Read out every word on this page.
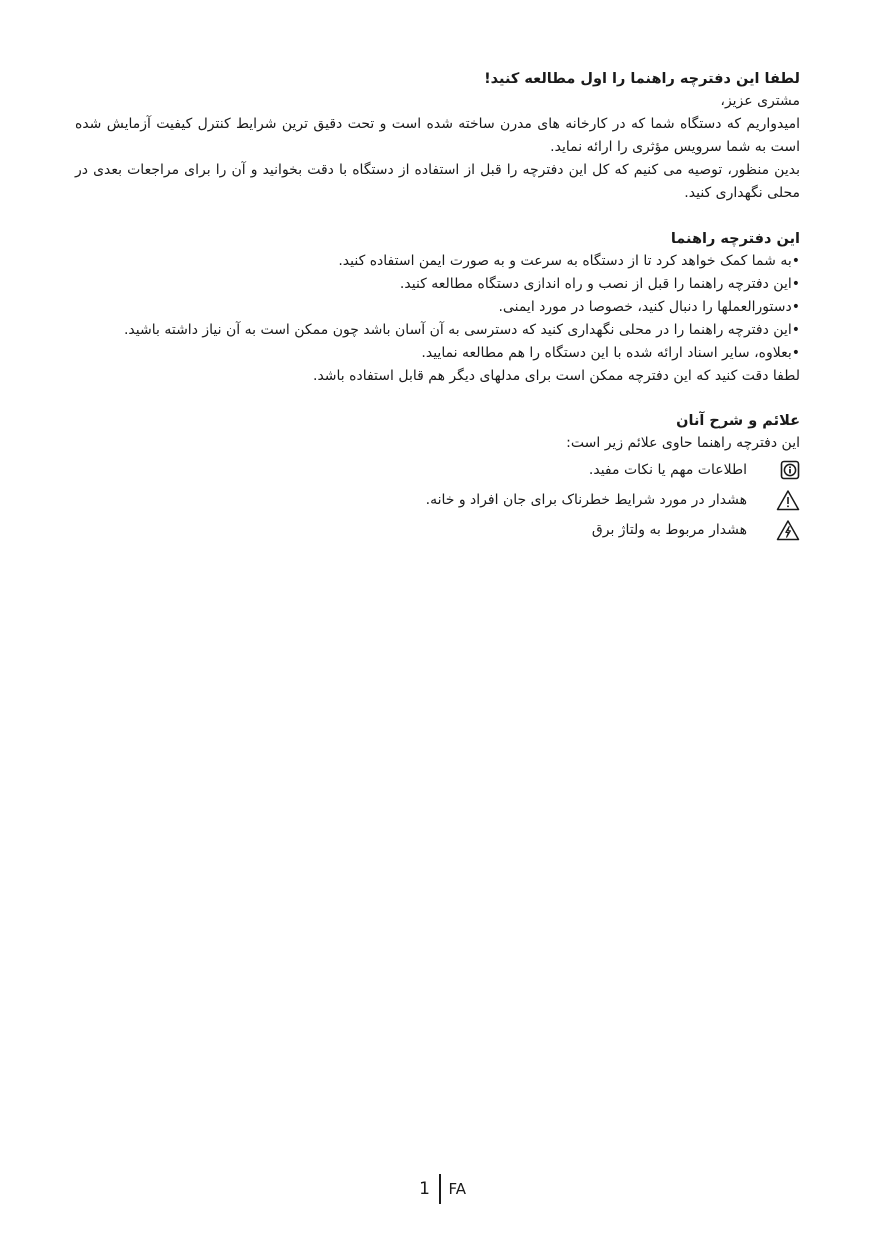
لطفا این دفترچه راهنما را اول مطالعه کنید!

مشتری عزیز،

امیدواریم که دستگاه شما که در کارخانه های مدرن ساخته شده است و تحت دقیق ترین شرایط کنترل کیفیت آزمایش شده است به شما سرویس مؤثری را ارائه نماید.

بدین منظور، توصیه می کنیم که کل این دفترچه را قبل از استفاده از دستگاه با دقت بخوانید و آن را برای مراجعات بعدی در محلی نگهداری کنید.

این دفترچه راهنما

• به شما کمک خواهد کرد تا از دستگاه به سرعت و به صورت ایمن استفاده کنید.
• این دفترچه راهنما را قبل از نصب و راه اندازی دستگاه مطالعه کنید.
• دستورالعملها را دنبال کنید، خصوصا در مورد ایمنی.
• این دفترچه راهنما را در محلی نگهداری کنید که دسترسی به آن آسان باشد چون ممکن است به آن نیاز داشته باشید.
• بعلاوه، سایر اسناد ارائه شده با این دستگاه را هم مطالعه نمایید.

لطفا دقت کنید که این دفترچه ممکن است برای مدلهای دیگر هم قابل استفاده باشد.

علائم و شرح آنان

این دفترچه راهنما حاوی علائم زیر است:

اطلاعات مهم یا نکات مفید.
هشدار در مورد شرایط خطرناک برای جان افراد و خانه.
هشدار مربوط به ولتاژ برق
1 FA
